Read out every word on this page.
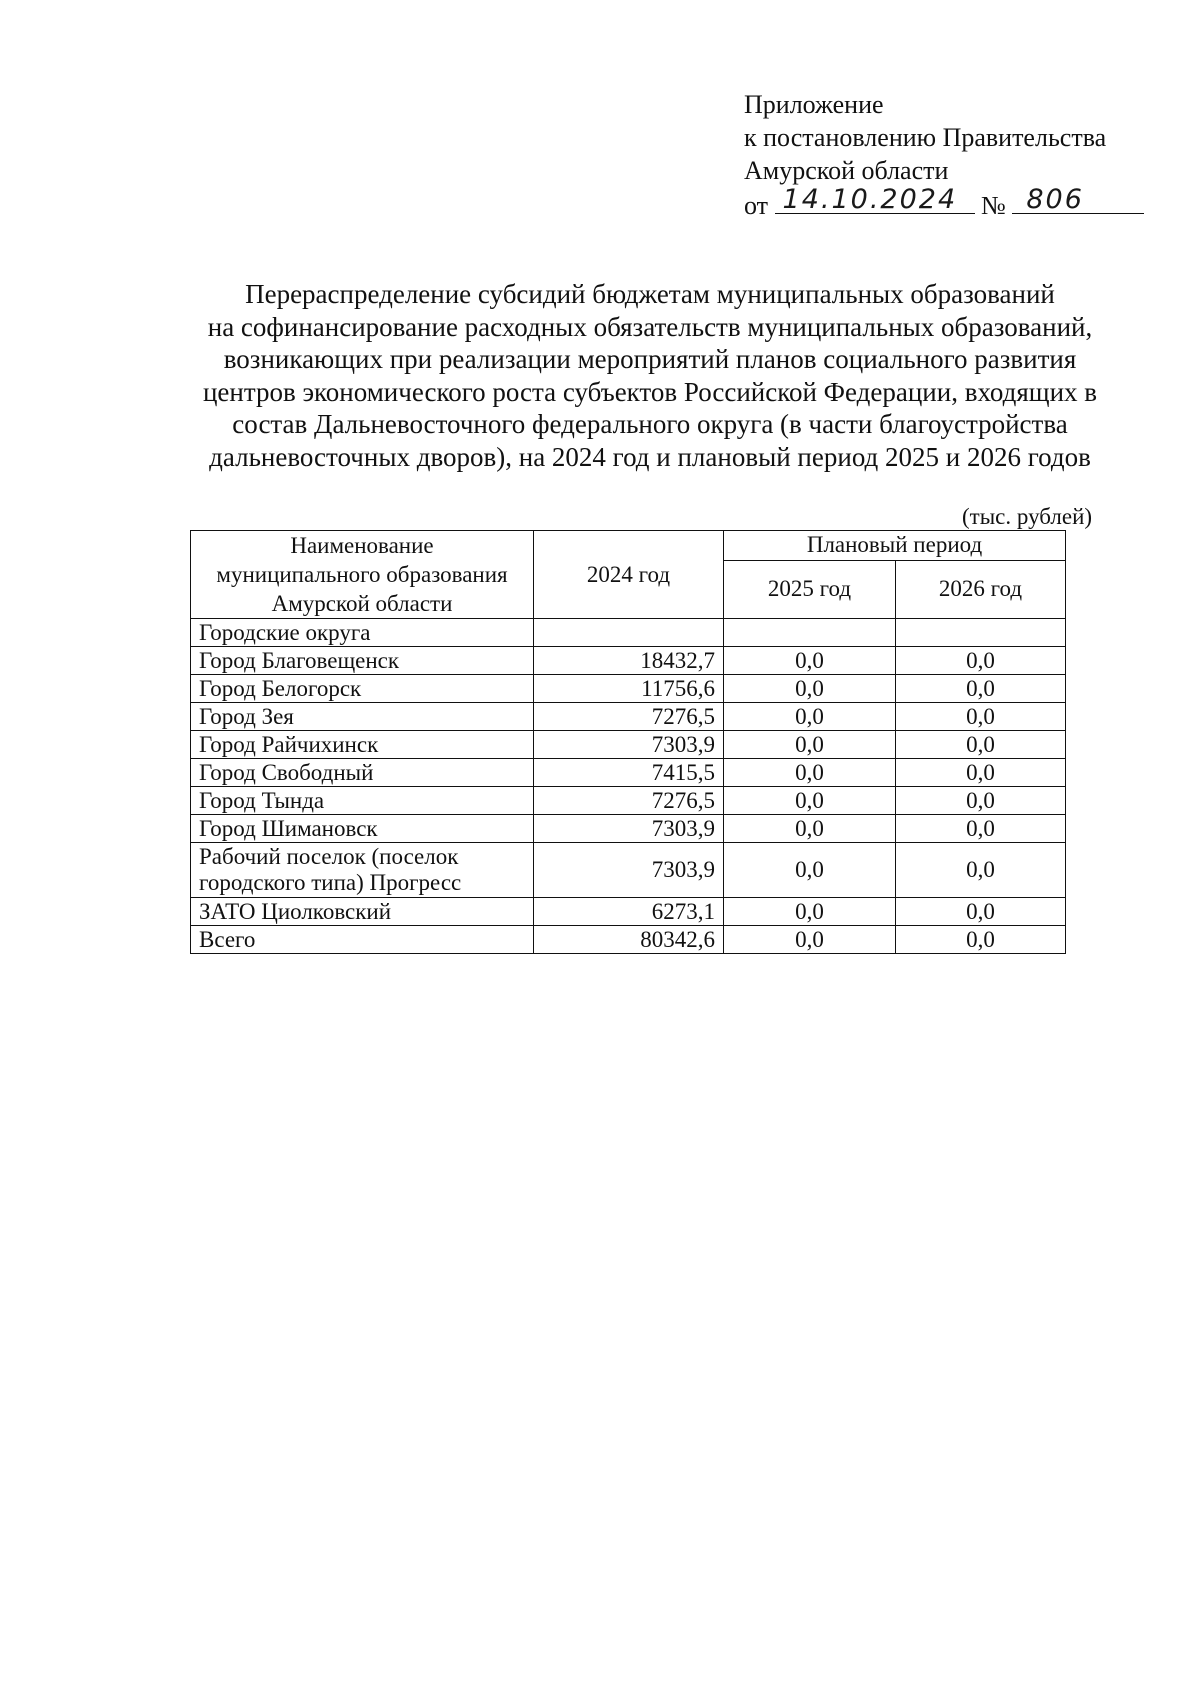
Приложение
к постановлению Правительства
Амурской области
от 14.10.2024 № 806
Перераспределение субсидий бюджетам муниципальных образований
на софинансирование расходных обязательств муниципальных образований,
возникающих при реализации мероприятий планов социального развития
центров экономического роста субъектов Российской Федерации, входящих в
состав Дальневосточного федерального округа (в части благоустройства
дальневосточных дворов), на 2024 год и плановый период 2025 и 2026 годов
(тыс. рублей)
Наименование
муниципального образования
Амурской области	2024 год	Плановый период	
		2025 год	2026 год
Городские округа			
Город Благовещенск	18432,7	0,0	0,0
Город Белогорск	11756,6	0,0	0,0
Город Зея	7276,5	0,0	0,0
Город Райчихинск	7303,9	0,0	0,0
Город Свободный	7415,5	0,0	0,0
Город Тында	7276,5	0,0	0,0
Город Шимановск	7303,9	0,0	0,0

Рабочий поселок (поселок
городского типа) Прогресс	7303,9	0,0	0,0
ЗАТО Циолковский	6273,1	0,0	0,0
Всего	80342,6	0,0	0,0
